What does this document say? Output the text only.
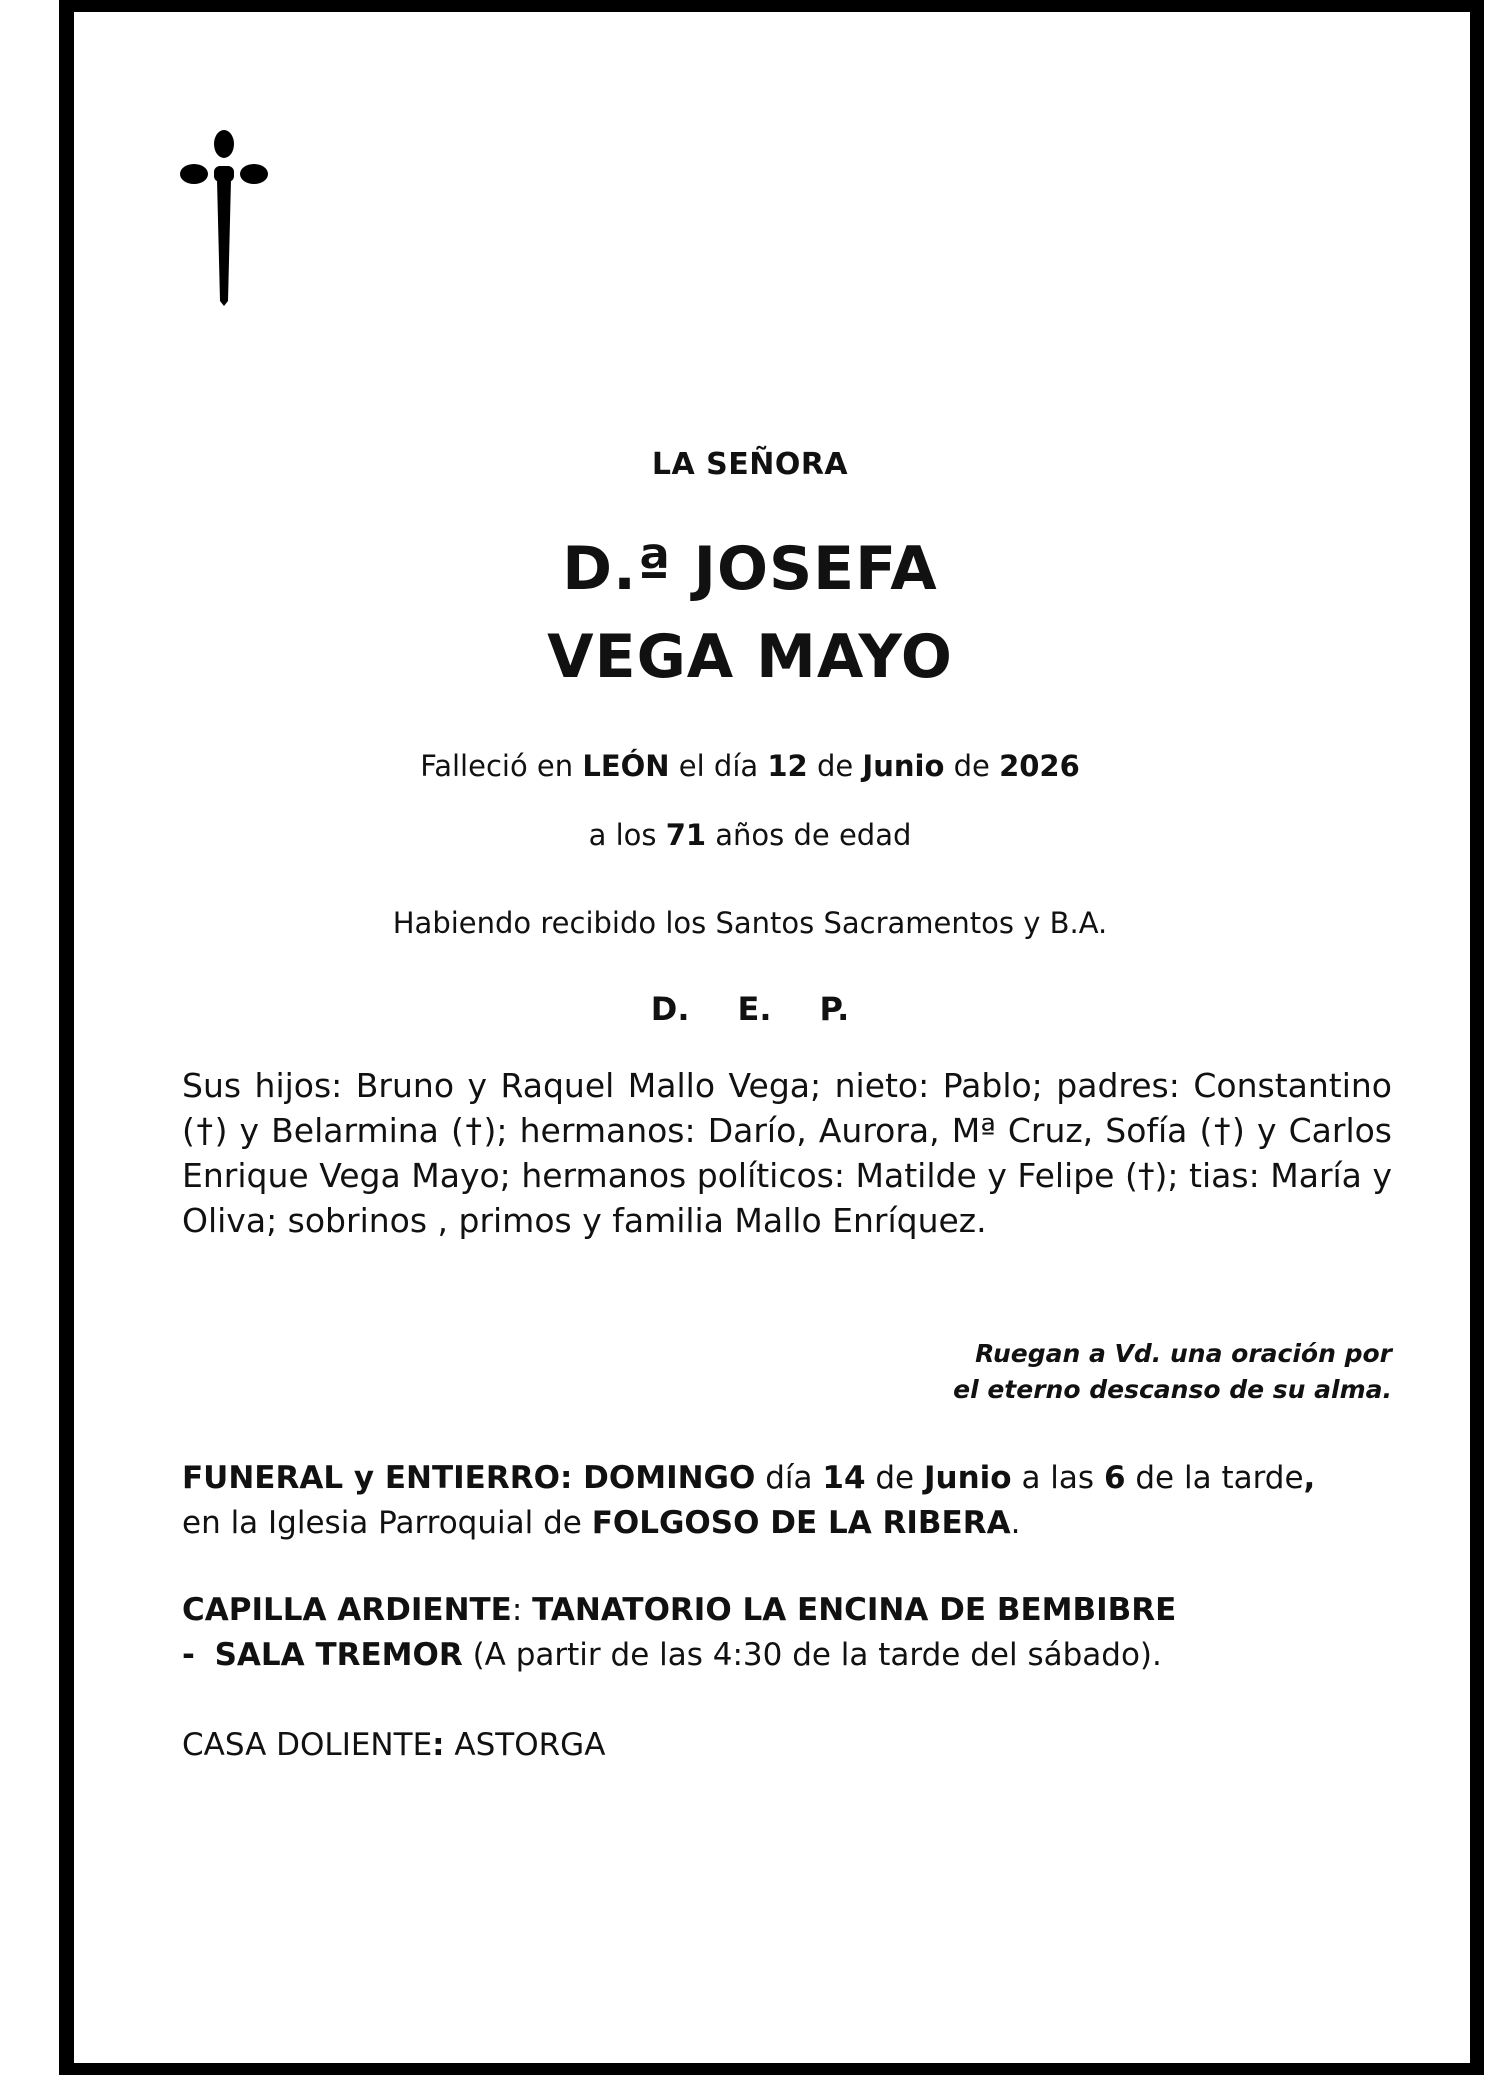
LA SEÑORA
D.ª JOSEFA
VEGA MAYO
Falleció en LEÓN el día 12 de Junio de 2026
a los 71 años de edad
Habiendo recibido los Santos Sacramentos y B.A.
D. E. P.
Sus hijos: Bruno y Raquel Mallo Vega; nieto: Pablo; padres: Constantino (†) y Belarmina (†); hermanos: Darío, Aurora, Mª Cruz, Sofía (†) y Carlos Enrique Vega Mayo; hermanos políticos: Matilde y Felipe (†); tias: María y Oliva; sobrinos , primos y familia Mallo Enríquez.
Ruegan a Vd. una oración por
el eterno descanso de su alma.
FUNERAL y ENTIERRO: DOMINGO día 14 de Junio a las 6 de la tarde,
en la Iglesia Parroquial de FOLGOSO DE LA RIBERA.
CAPILLA ARDIENTE: TANATORIO LA ENCINA DE BEMBIBRE
- SALA TREMOR (A partir de las 4:30 de la tarde del sábado).
CASA DOLIENTE: ASTORGA
